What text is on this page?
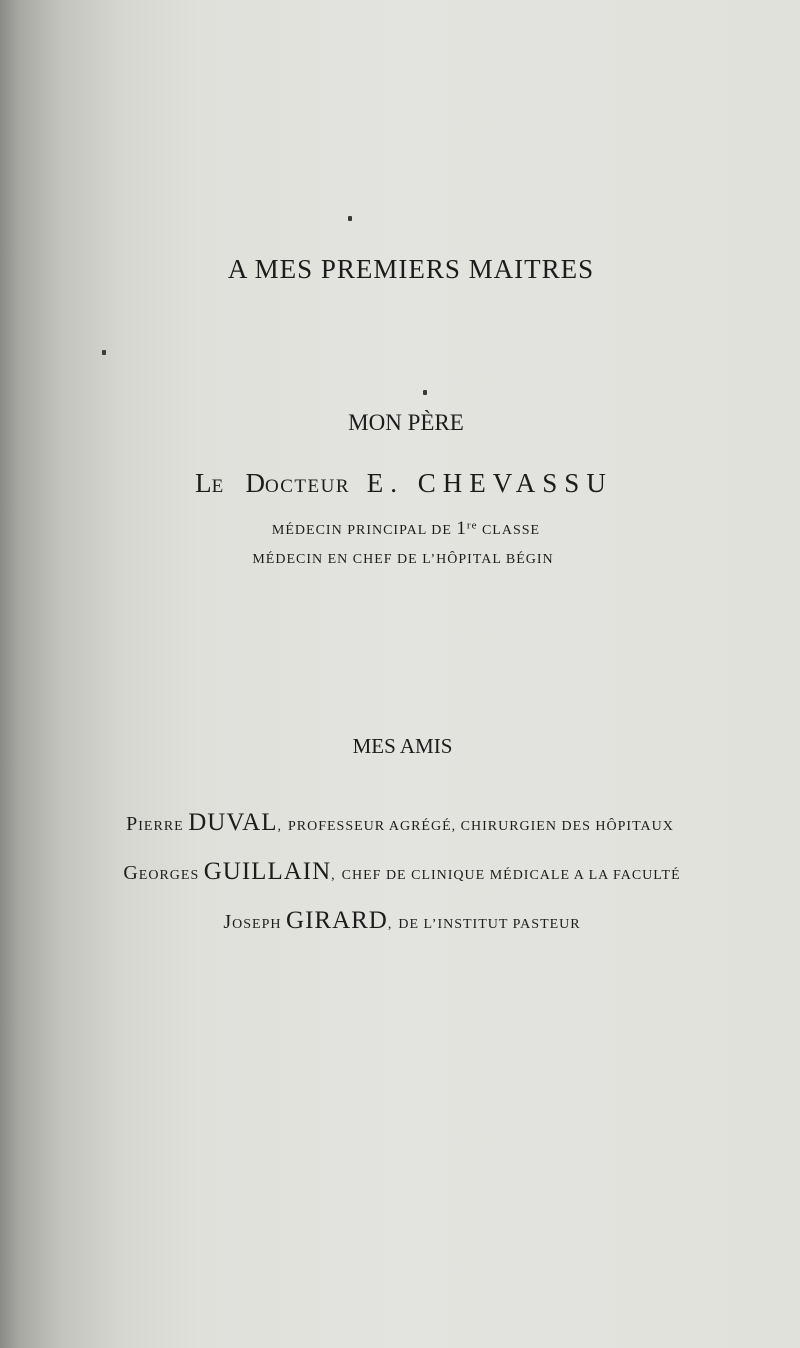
A MES PREMIERS MAITRES
MON PÈRE
LE DOCTEUR E. CHEVASSU
MÉDECIN PRINCIPAL DE 1re CLASSE
MÉDECIN EN CHEF DE L’HÔPITAL BÉGIN
MES AMIS
PIERRE DUVAL, PROFESSEUR AGRÉGÉ, CHIRURGIEN DES HÔPITAUX
GEORGES GUILLAIN, CHEF DE CLINIQUE MÉDICALE A LA FACULTÉ
JOSEPH GIRARD, DE L’INSTITUT PASTEUR
